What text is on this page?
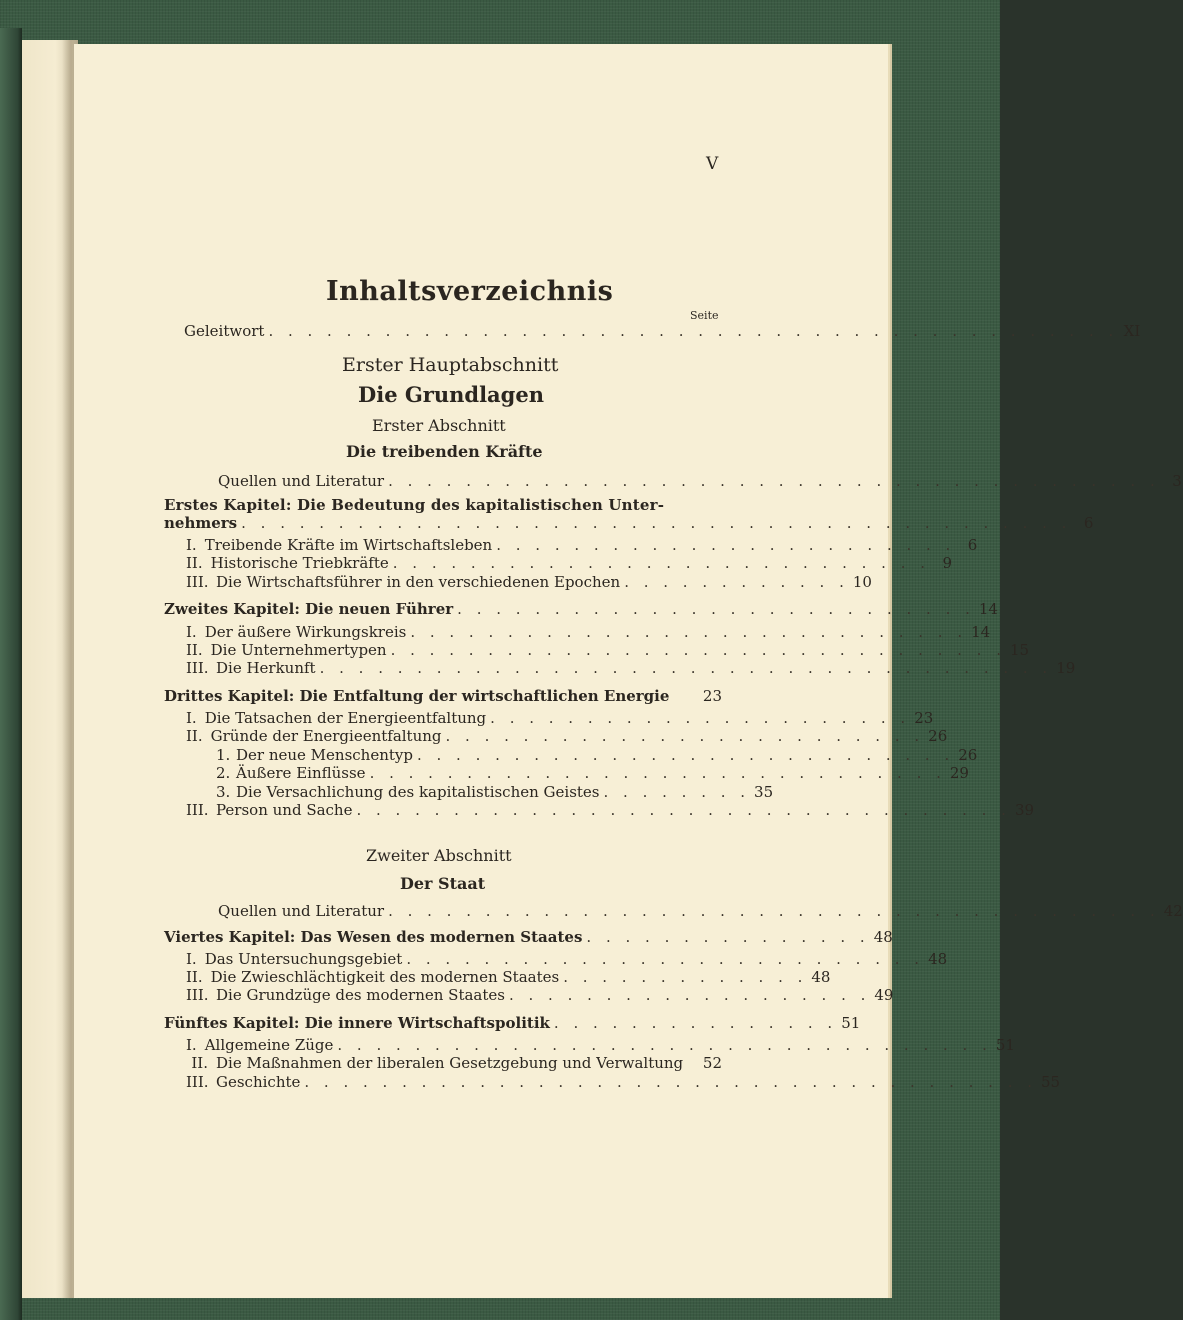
V
Inhaltsverzeichnis
Seite
Geleitwort . . . . . . . . . . . . . . . . . . . . . . . . . . . . . . . . . . . . . . . . . . . . XI
Erster Hauptabschnitt
Die Grundlagen
Erster Abschnitt
Die treibenden Kräfte
Quellen und Literatur . . . . . . . . . . . . . . . . . . . . . . . . . . . . . . . . . . . . . . . . 3
Erstes Kapitel: Die Bedeutung des kapitalistischen Unter-
nehmers . . . . . . . . . . . . . . . . . . . . . . . . . . . . . . . . . . . . . . . . . . . 6
I. Treibende Kräfte im Wirtschaftsleben . . . . . . . . . . . . . . . . . . . . . . . . 6
II. Historische Triebkräfte . . . . . . . . . . . . . . . . . . . . . . . . . . . . 9
III. Die Wirtschaftsführer in den verschiedenen Epochen . . . . . . . . . . . . 10
Zweites Kapitel: Die neuen Führer . . . . . . . . . . . . . . . . . . . . . . . . . . . 14
I. Der äußere Wirkungskreis . . . . . . . . . . . . . . . . . . . . . . . . . . . . . 14
II. Die Unternehmertypen . . . . . . . . . . . . . . . . . . . . . . . . . . . . . . . . 15
III. Die Herkunft . . . . . . . . . . . . . . . . . . . . . . . . . . . . . . . . . . . . . . 19
Drittes Kapitel: Die Entfaltung der wirtschaftlichen Energie 23
I. Die Tatsachen der Energieentfaltung . . . . . . . . . . . . . . . . . . . . . . 23
II. Gründe der Energieentfaltung . . . . . . . . . . . . . . . . . . . . . . . . . 26
1. Der neue Menschentyp . . . . . . . . . . . . . . . . . . . . . . . . . . . . 26
2. Äußere Einflüsse . . . . . . . . . . . . . . . . . . . . . . . . . . . . . . 29
3. Die Versachlichung des kapitalistischen Geistes . . . . . . . . 35
III. Person und Sache . . . . . . . . . . . . . . . . . . . . . . . . . . . . . . . . . . 39
Zweiter Abschnitt
Der Staat
Quellen und Literatur . . . . . . . . . . . . . . . . . . . . . . . . . . . . . . . . . . . . . . . . 42
Viertes Kapitel: Das Wesen des modernen Staates . . . . . . . . . . . . . . . 48
I. Das Untersuchungsgebiet . . . . . . . . . . . . . . . . . . . . . . . . . . . 48
II. Die Zwieschlächtigkeit des modernen Staates . . . . . . . . . . . . . 48
III. Die Grundzüge des modernen Staates . . . . . . . . . . . . . . . . . . . 49
Fünftes Kapitel: Die innere Wirtschaftspolitik . . . . . . . . . . . . . . . 51
I. Allgemeine Züge . . . . . . . . . . . . . . . . . . . . . . . . . . . . . . . . . . 51
II. Die Maßnahmen der liberalen Gesetzgebung und Verwaltung 52
III. Geschichte . . . . . . . . . . . . . . . . . . . . . . . . . . . . . . . . . . . . . . 55
